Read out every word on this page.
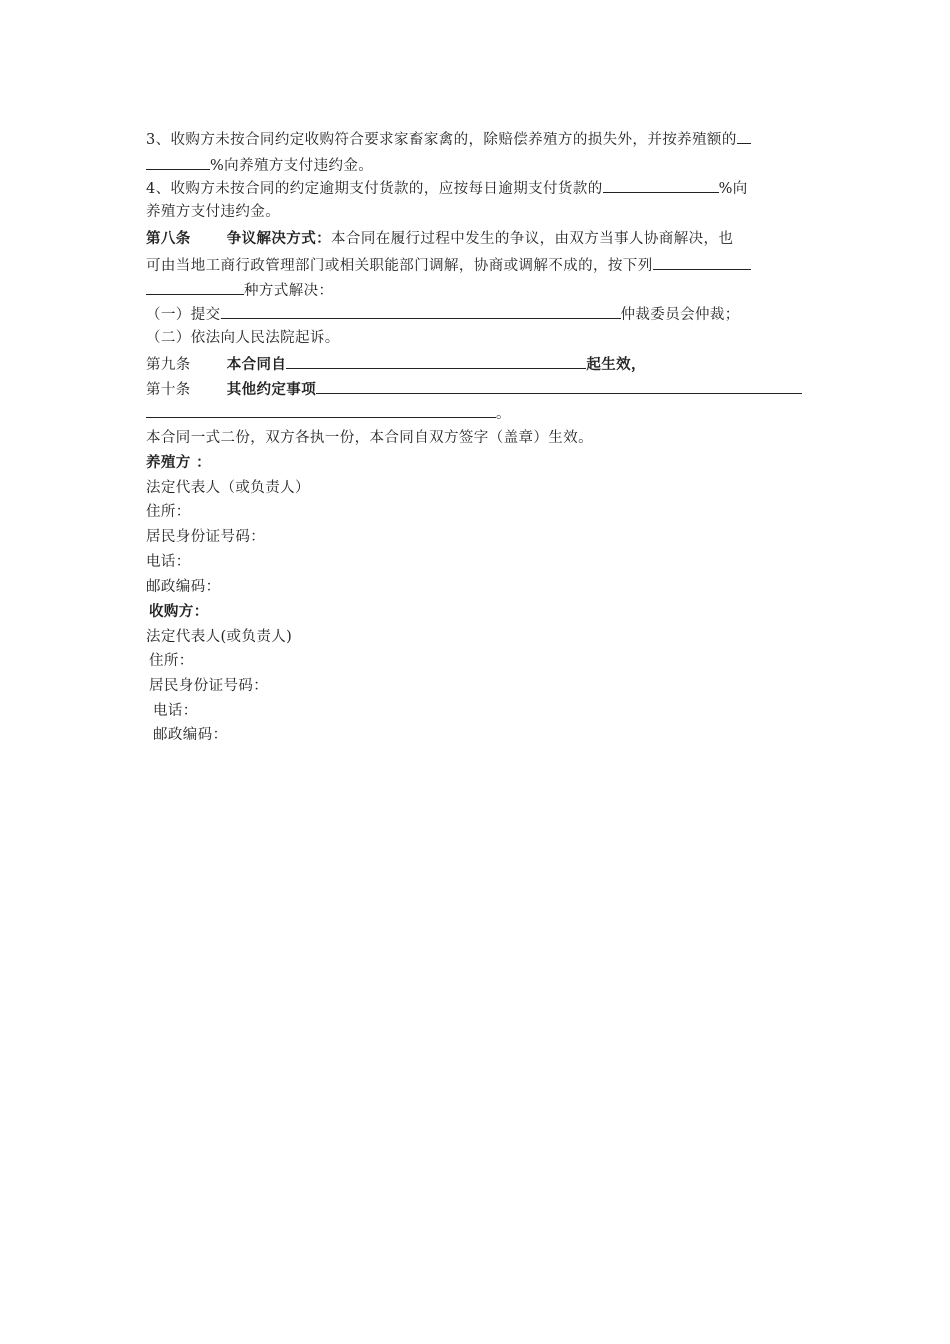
3、收购方未按合同约定收购符合要求家畜家禽的，除赔偿养殖方的损失外，并按养殖额的
%向养殖方支付违约金。
4、收购方未按合同的约定逾期支付货款的，应按每日逾期支付货款的	%向
养殖方支付违约金。
第八条 争议解决方式：本合同在履行过程中发生的争议，由双方当事人协商解决，也
可由当地工商行政管理部门或相关职能部门调解，协商或调解不成的，按下列
种方式解决：
（一）提交	仲裁委员会仲裁；
（二）依法向人民法院起诉。
第九条 本合同自	起生效，
第十条 其他约定事项
。
本合同一式二份，双方各执一份，本合同自双方签字（盖章）生效。
养殖方 ：
法定代表人（或负责人）
住所：
居民身份证号码：
电话：
邮政编码：
收购方：
法定代表人(或负责人)
住所：
居民身份证号码：
电话：
邮政编码：
